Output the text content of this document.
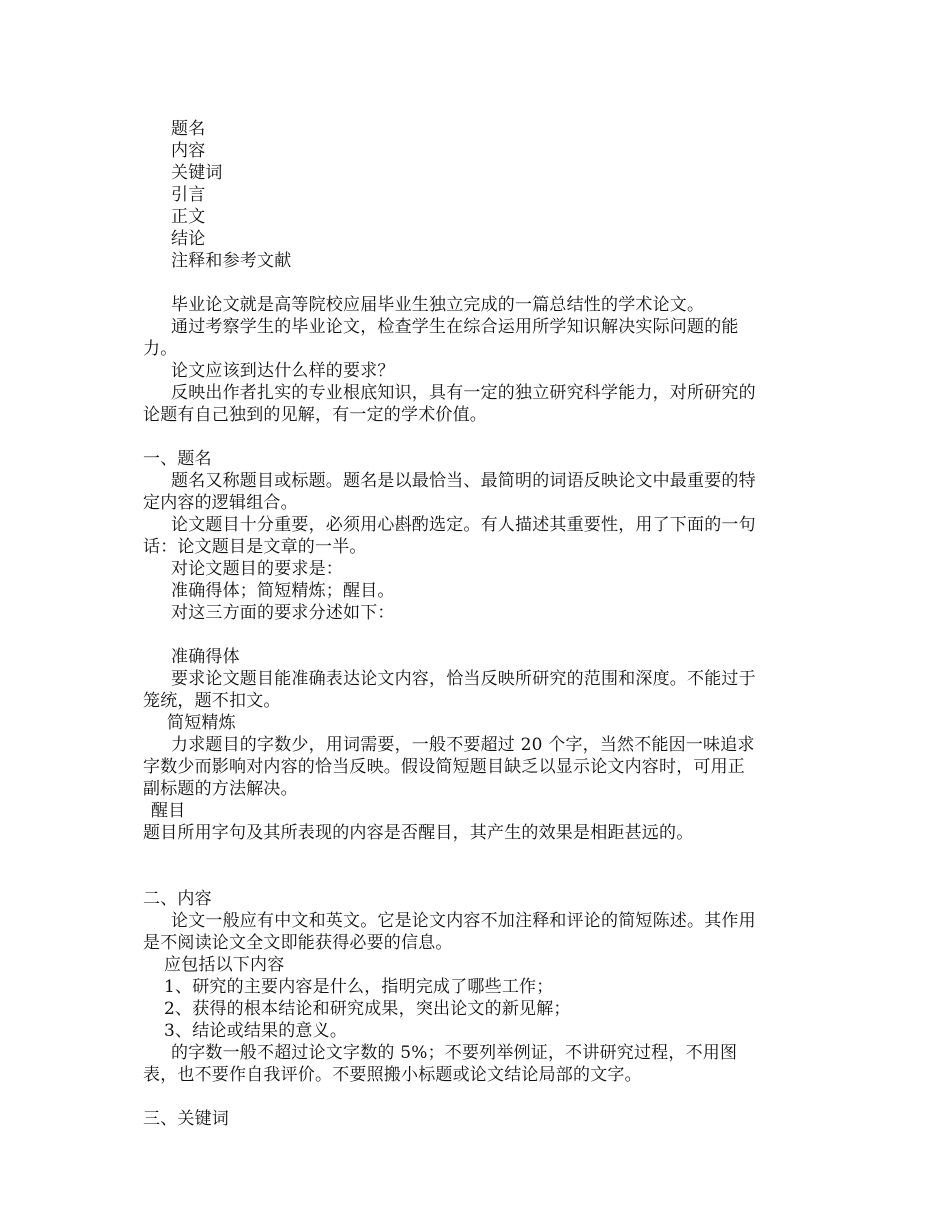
题名

内容

关键词

引言

正文

结论

注释和参考文献

毕业论文就是高等院校应届毕业生独立完成的一篇总结性的学术论文。

通过考察学生的毕业论文，检查学生在综合运用所学知识解决实际问题的能

力。

论文应该到达什么样的要求？

反映出作者扎实的专业根底知识，具有一定的独立研究科学能力，对所研究的

论题有自己独到的见解，有一定的学术价值。

一、题名

题名又称题目或标题。题名是以最恰当、最简明的词语反映论文中最重要的特

定内容的逻辑组合。

论文题目十分重要，必须用心斟酌选定。有人描述其重要性，用了下面的一句

话：论文题目是文章的一半。

对论文题目的要求是：

准确得体；简短精炼；醒目。

对这三方面的要求分述如下：

准确得体

要求论文题目能准确表达论文内容，恰当反映所研究的范围和深度。不能过于

笼统，题不扣文。

简短精炼

力求题目的字数少，用词需要，一般不要超过 20 个字，当然不能因一味追求

字数少而影响对内容的恰当反映。假设简短题目缺乏以显示论文内容时，可用正

副标题的方法解决。

醒目

题目所用字句及其所表现的内容是否醒目，其产生的效果是相距甚远的。

二、内容

论文一般应有中文和英文。它是论文内容不加注释和评论的简短陈述。其作用

是不阅读论文全文即能获得必要的信息。

应包括以下内容

1、研究的主要内容是什么，指明完成了哪些工作；

2、获得的根本结论和研究成果，突出论文的新见解；

3、结论或结果的意义。

的字数一般不超过论文字数的 5%；不要列举例证，不讲研究过程，不用图

表，也不要作自我评价。不要照搬小标题或论文结论局部的文字。

三、关键词
